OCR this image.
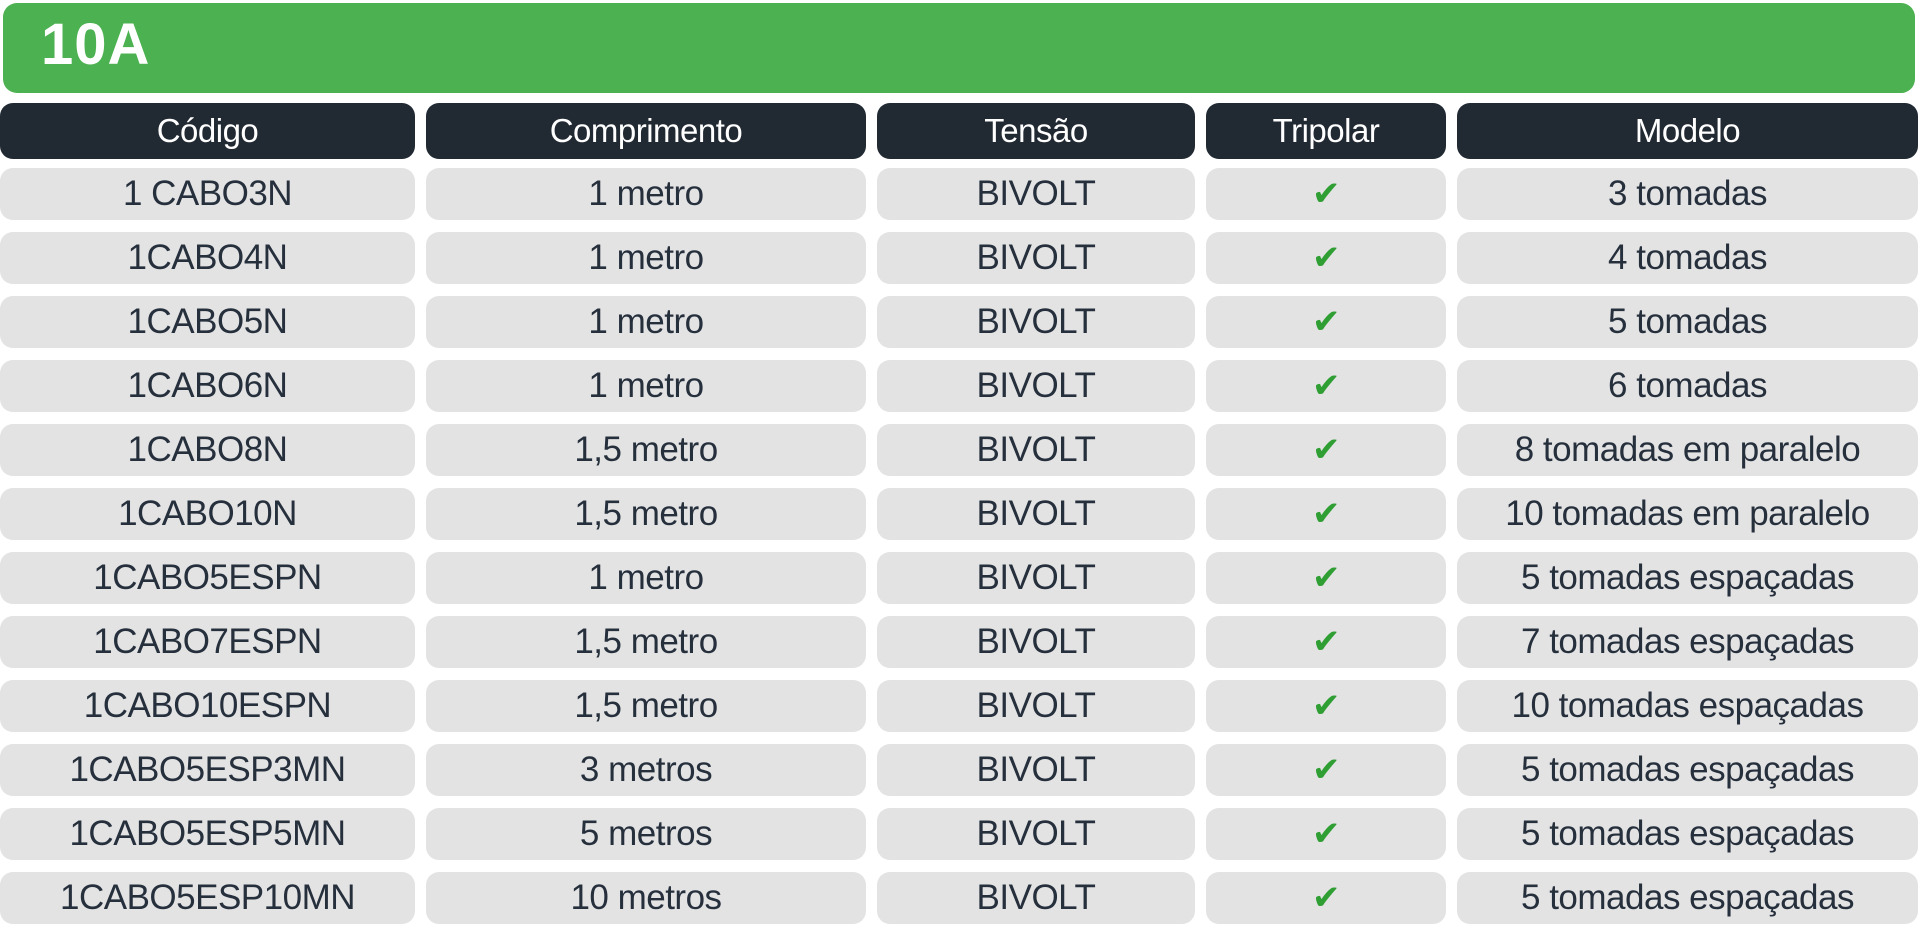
10A
Código	Comprimento	Tensão	Tripolar	Modelo
1 CABO3N	1 metro	BIVOLT	✔	3 tomadas
1CABO4N	1 metro	BIVOLT	✔	4 tomadas
1CABO5N	1 metro	BIVOLT	✔	5 tomadas
1CABO6N	1 metro	BIVOLT	✔	6 tomadas
1CABO8N	1,5 metro	BIVOLT	✔	8 tomadas em paralelo
1CABO10N	1,5 metro	BIVOLT	✔	10 tomadas em paralelo
1CABO5ESPN	1 metro	BIVOLT	✔	5 tomadas espaçadas
1CABO7ESPN	1,5 metro	BIVOLT	✔	7 tomadas espaçadas
1CABO10ESPN	1,5 metro	BIVOLT	✔	10 tomadas espaçadas
1CABO5ESP3MN	3 metros	BIVOLT	✔	5 tomadas espaçadas
1CABO5ESP5MN	5 metros	BIVOLT	✔	5 tomadas espaçadas
1CABO5ESP10MN	10 metros	BIVOLT	✔	5 tomadas espaçadas
